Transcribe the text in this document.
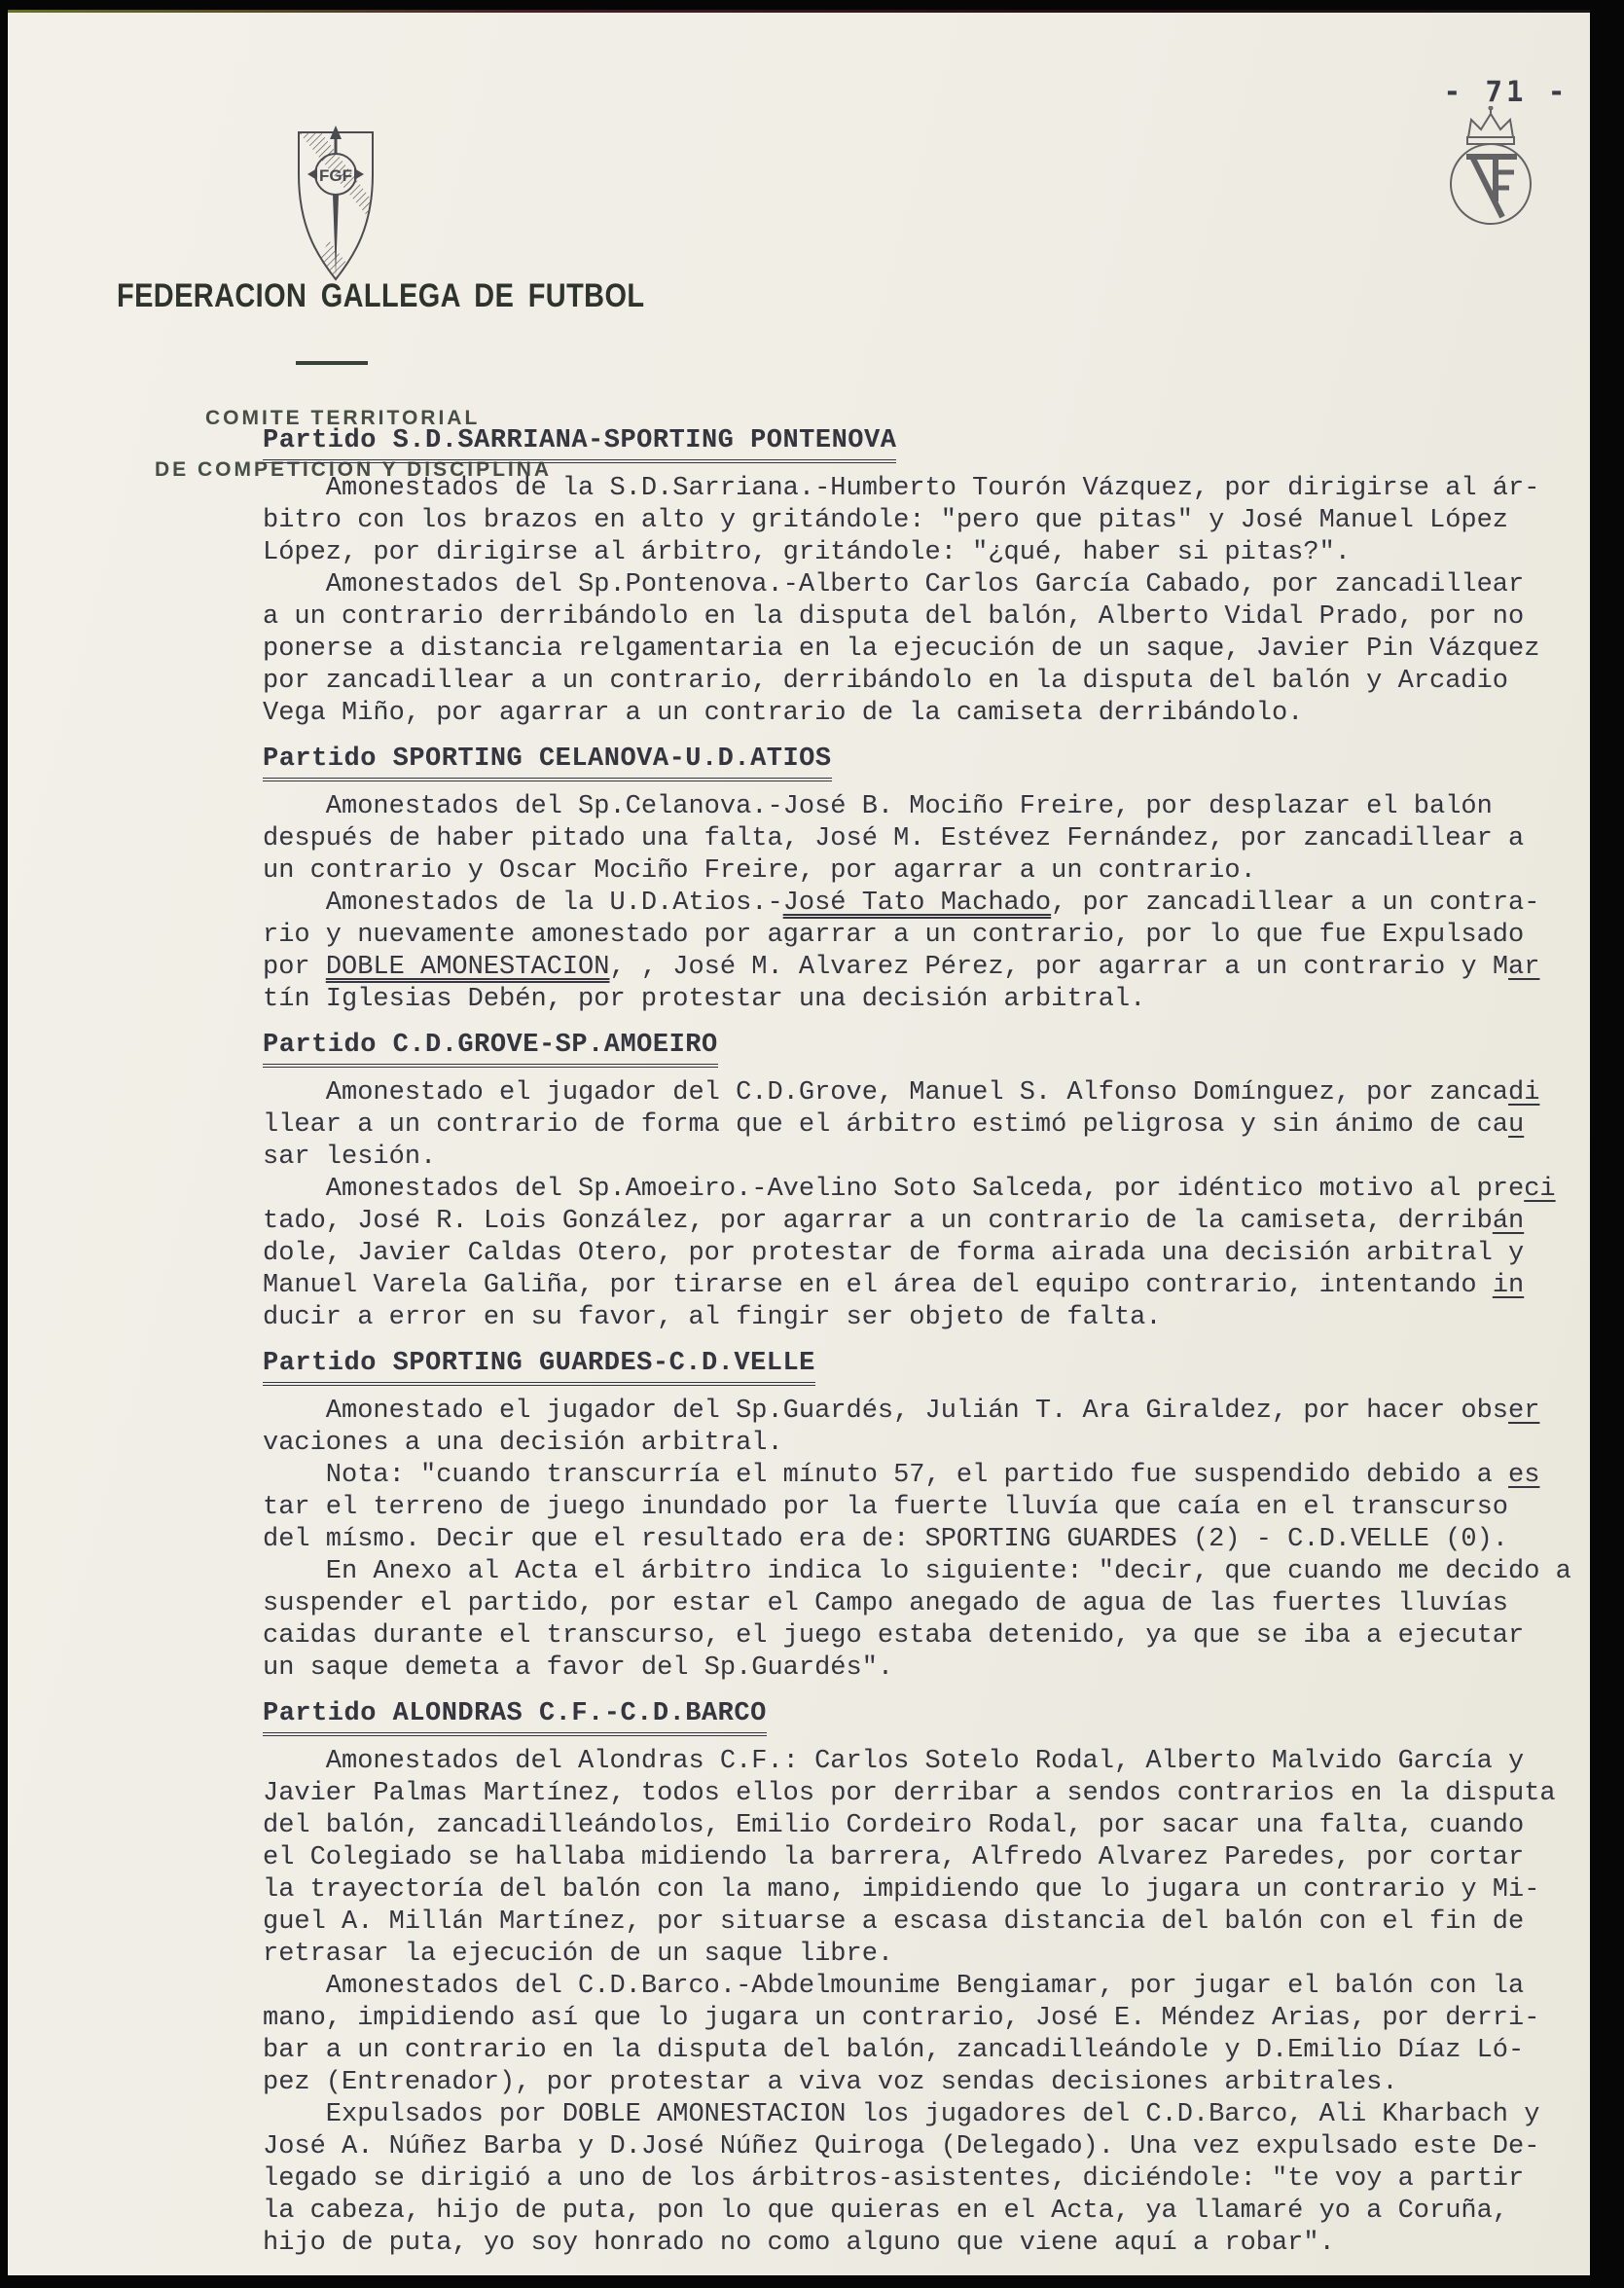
FGF
FEDERACION GALLEGA DE FUTBOL
COMITE TERRITORIAL
DE COMPETICION Y DISCIPLINA
- 71 -
Partido S.D.SARRIANA-SPORTING PONTENOVA
Amonestados de la S.D.Sarriana.-Humberto Tourón Vázquez, por dirigirse al ár-
bitro con los brazos en alto y gritándole: "pero que pitas" y José Manuel López
López, por dirigirse al árbitro, gritándole: "¿qué, haber si pitas?".
Amonestados del Sp.Pontenova.-Alberto Carlos García Cabado, por zancadillear
a un contrario derribándolo en la disputa del balón, Alberto Vidal Prado, por no
ponerse a distancia relgamentaria en la ejecución de un saque, Javier Pin Vázquez
por zancadillear a un contrario, derribándolo en la disputa del balón y Arcadio
Vega Miño, por agarrar a un contrario de la camiseta derribándolo.
Partido SPORTING CELANOVA-U.D.ATIOS
Amonestados del Sp.Celanova.-José B. Mociño Freire, por desplazar el balón
después de haber pitado una falta, José M. Estévez Fernández, por zancadillear a
un contrario y Oscar Mociño Freire, por agarrar a un contrario.
Amonestados de la U.D.Atios.-José Tato Machado, por zancadillear a un contra-
rio y nuevamente amonestado por agarrar a un contrario, por lo que fue Expulsado
por DOBLE AMONESTACION, , José M. Alvarez Pérez, por agarrar a un contrario y Mar
tín Iglesias Debén, por protestar una decisión arbitral.
Partido C.D.GROVE-SP.AMOEIRO
Amonestado el jugador del C.D.Grove, Manuel S. Alfonso Domínguez, por zancadi
llear a un contrario de forma que el árbitro estimó peligrosa y sin ánimo de cau
sar lesión.
Amonestados del Sp.Amoeiro.-Avelino Soto Salceda, por idéntico motivo al preci
tado, José R. Lois González, por agarrar a un contrario de la camiseta, derribán
dole, Javier Caldas Otero, por protestar de forma airada una decisión arbitral y
Manuel Varela Galiña, por tirarse en el área del equipo contrario, intentando in
ducir a error en su favor, al fingir ser objeto de falta.
Partido SPORTING GUARDES-C.D.VELLE
Amonestado el jugador del Sp.Guardés, Julián T. Ara Giraldez, por hacer obser
vaciones a una decisión arbitral.
Nota: "cuando transcurría el mínuto 57, el partido fue suspendido debido a es
tar el terreno de juego inundado por la fuerte lluvía que caía en el transcurso
del mísmo. Decir que el resultado era de: SPORTING GUARDES (2) - C.D.VELLE (0).
En Anexo al Acta el árbitro indica lo siguiente: "decir, que cuando me decido a
suspender el partido, por estar el Campo anegado de agua de las fuertes lluvías
caidas durante el transcurso, el juego estaba detenido, ya que se iba a ejecutar
un saque demeta a favor del Sp.Guardés".
Partido ALONDRAS C.F.-C.D.BARCO
Amonestados del Alondras C.F.: Carlos Sotelo Rodal, Alberto Malvido García y
Javier Palmas Martínez, todos ellos por derribar a sendos contrarios en la disputa
del balón, zancadilleándolos, Emilio Cordeiro Rodal, por sacar una falta, cuando
el Colegiado se hallaba midiendo la barrera, Alfredo Alvarez Paredes, por cortar
la trayectoría del balón con la mano, impidiendo que lo jugara un contrario y Mi-
guel A. Millán Martínez, por situarse a escasa distancia del balón con el fin de
retrasar la ejecución de un saque libre.
Amonestados del C.D.Barco.-Abdelmounime Bengiamar, por jugar el balón con la
mano, impidiendo así que lo jugara un contrario, José E. Méndez Arias, por derri-
bar a un contrario en la disputa del balón, zancadilleándole y D.Emilio Díaz Ló-
pez (Entrenador), por protestar a viva voz sendas decisiones arbitrales.
Expulsados por DOBLE AMONESTACION los jugadores del C.D.Barco, Ali Kharbach y
José A. Núñez Barba y D.José Núñez Quiroga (Delegado). Una vez expulsado este De-
legado se dirigió a uno de los árbitros-asistentes, diciéndole: "te voy a partir
la cabeza, hijo de puta, pon lo que quieras en el Acta, ya llamaré yo a Coruña,
hijo de puta, yo soy honrado no como alguno que viene aquí a robar".
